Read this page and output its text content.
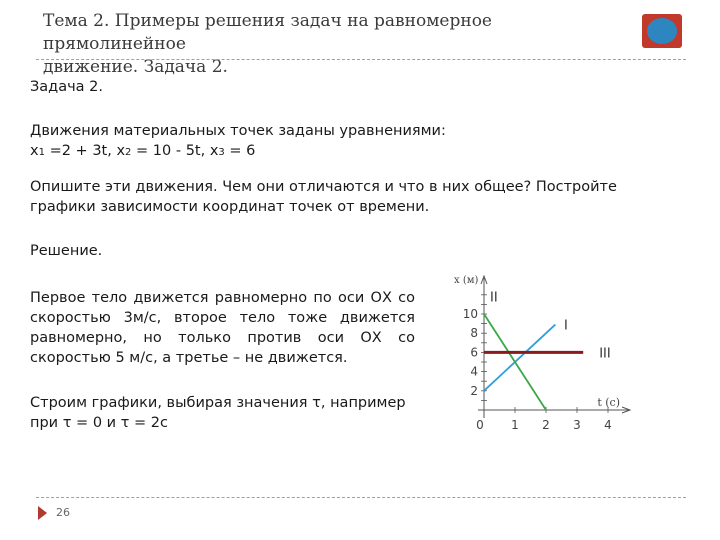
Тема 2. Примеры решения задач на равномерное прямолинейное
движение. Задача 2.
Задача 2.
Движения материальных точек заданы уравнениями:
x1 =2 + 3t, x2 = 10 - 5t, x3 = 6
Опишите эти движения. Чем они отличаются и что в них общее? Постройте
графики зависимости координат точек от времени.
Решение.
Первое тело движется равномерно по оси ОХ со скоростью 3м/с, второе тело тоже движется равномерно, но только против оси ОХ со скоростью 5 м/с, а третье – не движется.
Строим графики, выбирая значения τ, например
при τ = 0 и τ = 2с
2
4
6
8
10
0 1 2 3 4
x (м)
t (c)
I
II
III
26
